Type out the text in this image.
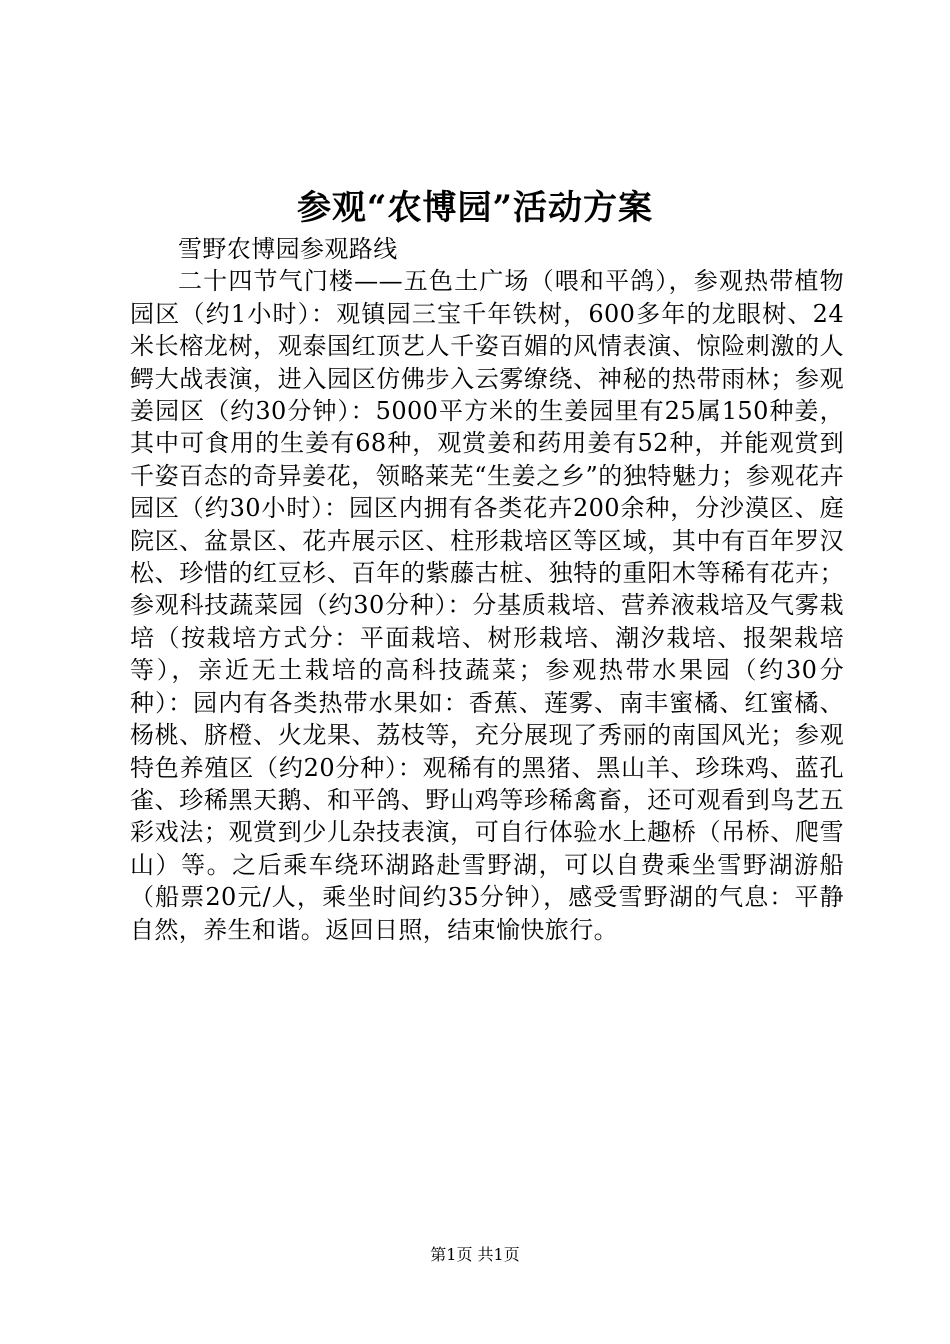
参观“农博园”活动方案

雪野农博园参观路线

二十四节气门楼——五色土广场（喂和平鸽），参观热带植物园区（约1小时）：观镇园三宝千年铁树，600多年的龙眼树、24米长榕龙树，观泰国红顶艺人千姿百媚的风情表演、惊险刺激的人鳄大战表演，进入园区仿佛步入云雾缭绕、神秘的热带雨林；参观姜园区（约30分钟）：5000平方米的生姜园里有25属150种姜，其中可食用的生姜有68种，观赏姜和药用姜有52种，并能观赏到千姿百态的奇异姜花，领略莱芜“生姜之乡”的独特魅力；参观花卉园区（约30小时）：园区内拥有各类花卉200余种，分沙漠区、庭院区、盆景区、花卉展示区、柱形栽培区等区域，其中有百年罗汉松、珍惜的红豆杉、百年的紫藤古桩、独特的重阳木等稀有花卉；参观科技蔬菜园（约30分种）：分基质栽培、营养液栽培及气雾栽培（按栽培方式分：平面栽培、树形栽培、潮汐栽培、报架栽培等），亲近无土栽培的高科技蔬菜；参观热带水果园（约30分种）：园内有各类热带水果如：香蕉、莲雾、南丰蜜橘、红蜜橘、杨桃、脐橙、火龙果、荔枝等，充分展现了秀丽的南国风光；参观特色养殖区（约20分种）：观稀有的黑猪、黑山羊、珍珠鸡、蓝孔雀、珍稀黑天鹅、和平鸽、野山鸡等珍稀禽畜，还可观看到鸟艺五彩戏法；观赏到少儿杂技表演，可自行体验水上趣桥（吊桥、爬雪山）等。之后乘车绕环湖路赴雪野湖，可以自费乘坐雪野湖游船（船票20元/人，乘坐时间约35分钟），感受雪野湖的气息：平静自然，养生和谐。返回日照，结束愉快旅行。

第1页 共1页
